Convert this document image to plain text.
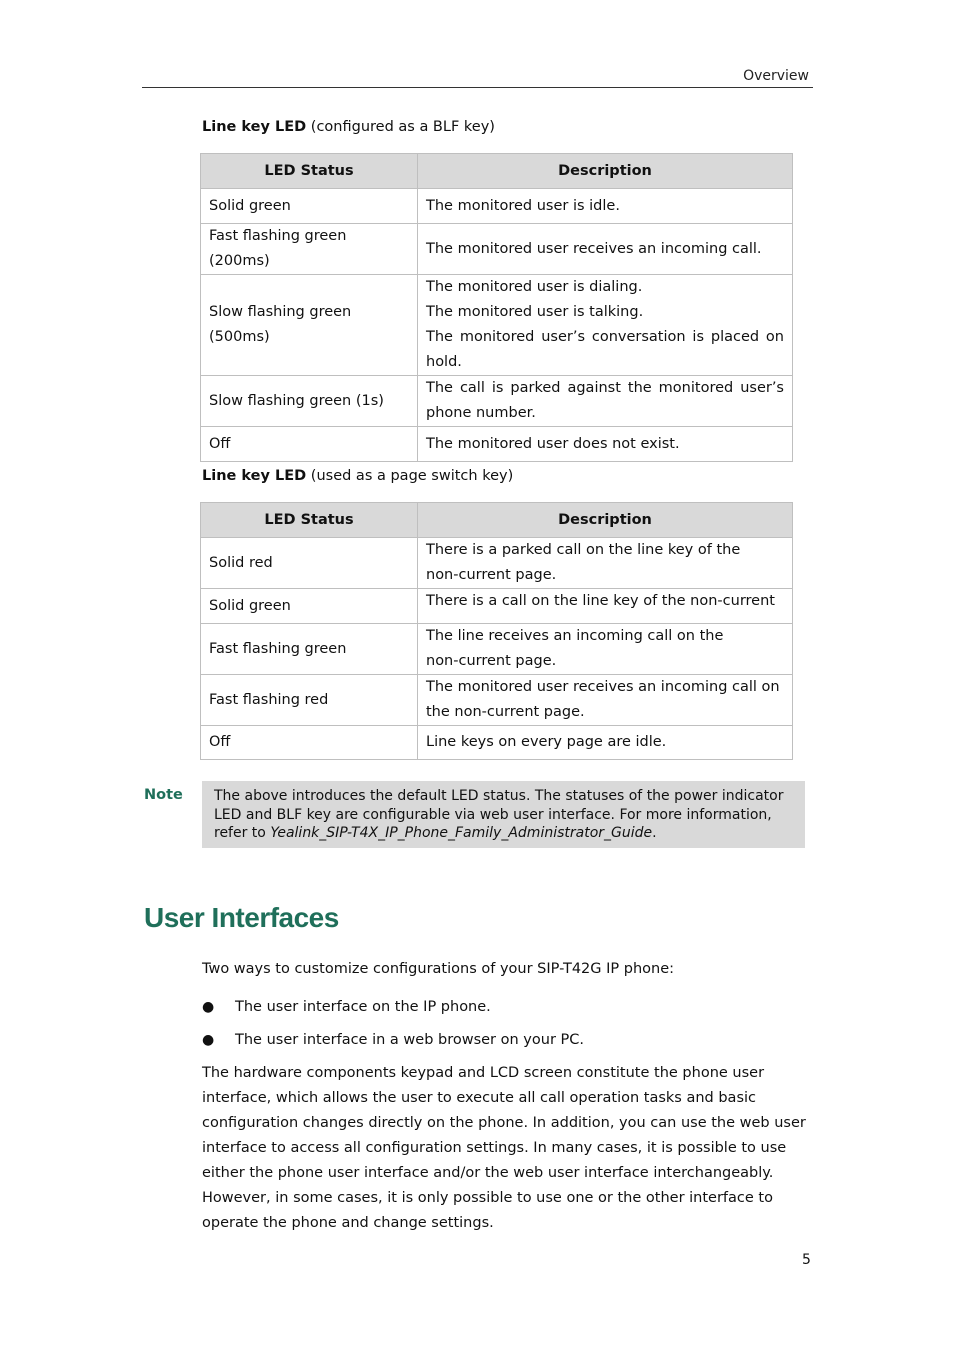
Overview
Line key LED (configured as a BLF key)
LED Status	Description
Solid green	The monitored user is idle.
Fast flashing green (200ms)	The monitored user receives an incoming call.
Slow flashing green (500ms)	The monitored user is dialing.
The monitored user is talking.
The monitored user’s conversation is placed on hold.

Slow flashing green (1s)	The call is parked against the monitored user’s phone number.
Off	The monitored user does not exist.
Line key LED (used as a page switch key)
LED Status	Description
Solid red	There is a parked call on the line key of the
non-current page.

Solid green	There is a call on the line key of the non-current
Fast flashing green	The line receives an incoming call on the
non-current page.

Fast flashing red	The monitored user receives an incoming call on
the non-current page.

Off	Line keys on every page are idle.
Note	The above introduces the default LED status. The statuses of the power indicator LED and BLF key are configurable via web user interface. For more information, refer to Yealink_SIP-T4X_IP_Phone_Family_Administrator_Guide.
User Interfaces
Two ways to customize configurations of your SIP-T42G IP phone:
● The user interface on the IP phone.
● The user interface in a web browser on your PC.
The hardware components keypad and LCD screen constitute the phone user interface, which allows the user to execute all call operation tasks and basic configuration changes directly on the phone. In addition, you can use the web user interface to access all configuration settings. In many cases, it is possible to use either the phone user interface and/or the web user interface interchangeably. However, in some cases, it is only possible to use one or the other interface to operate the phone and change settings.
5
